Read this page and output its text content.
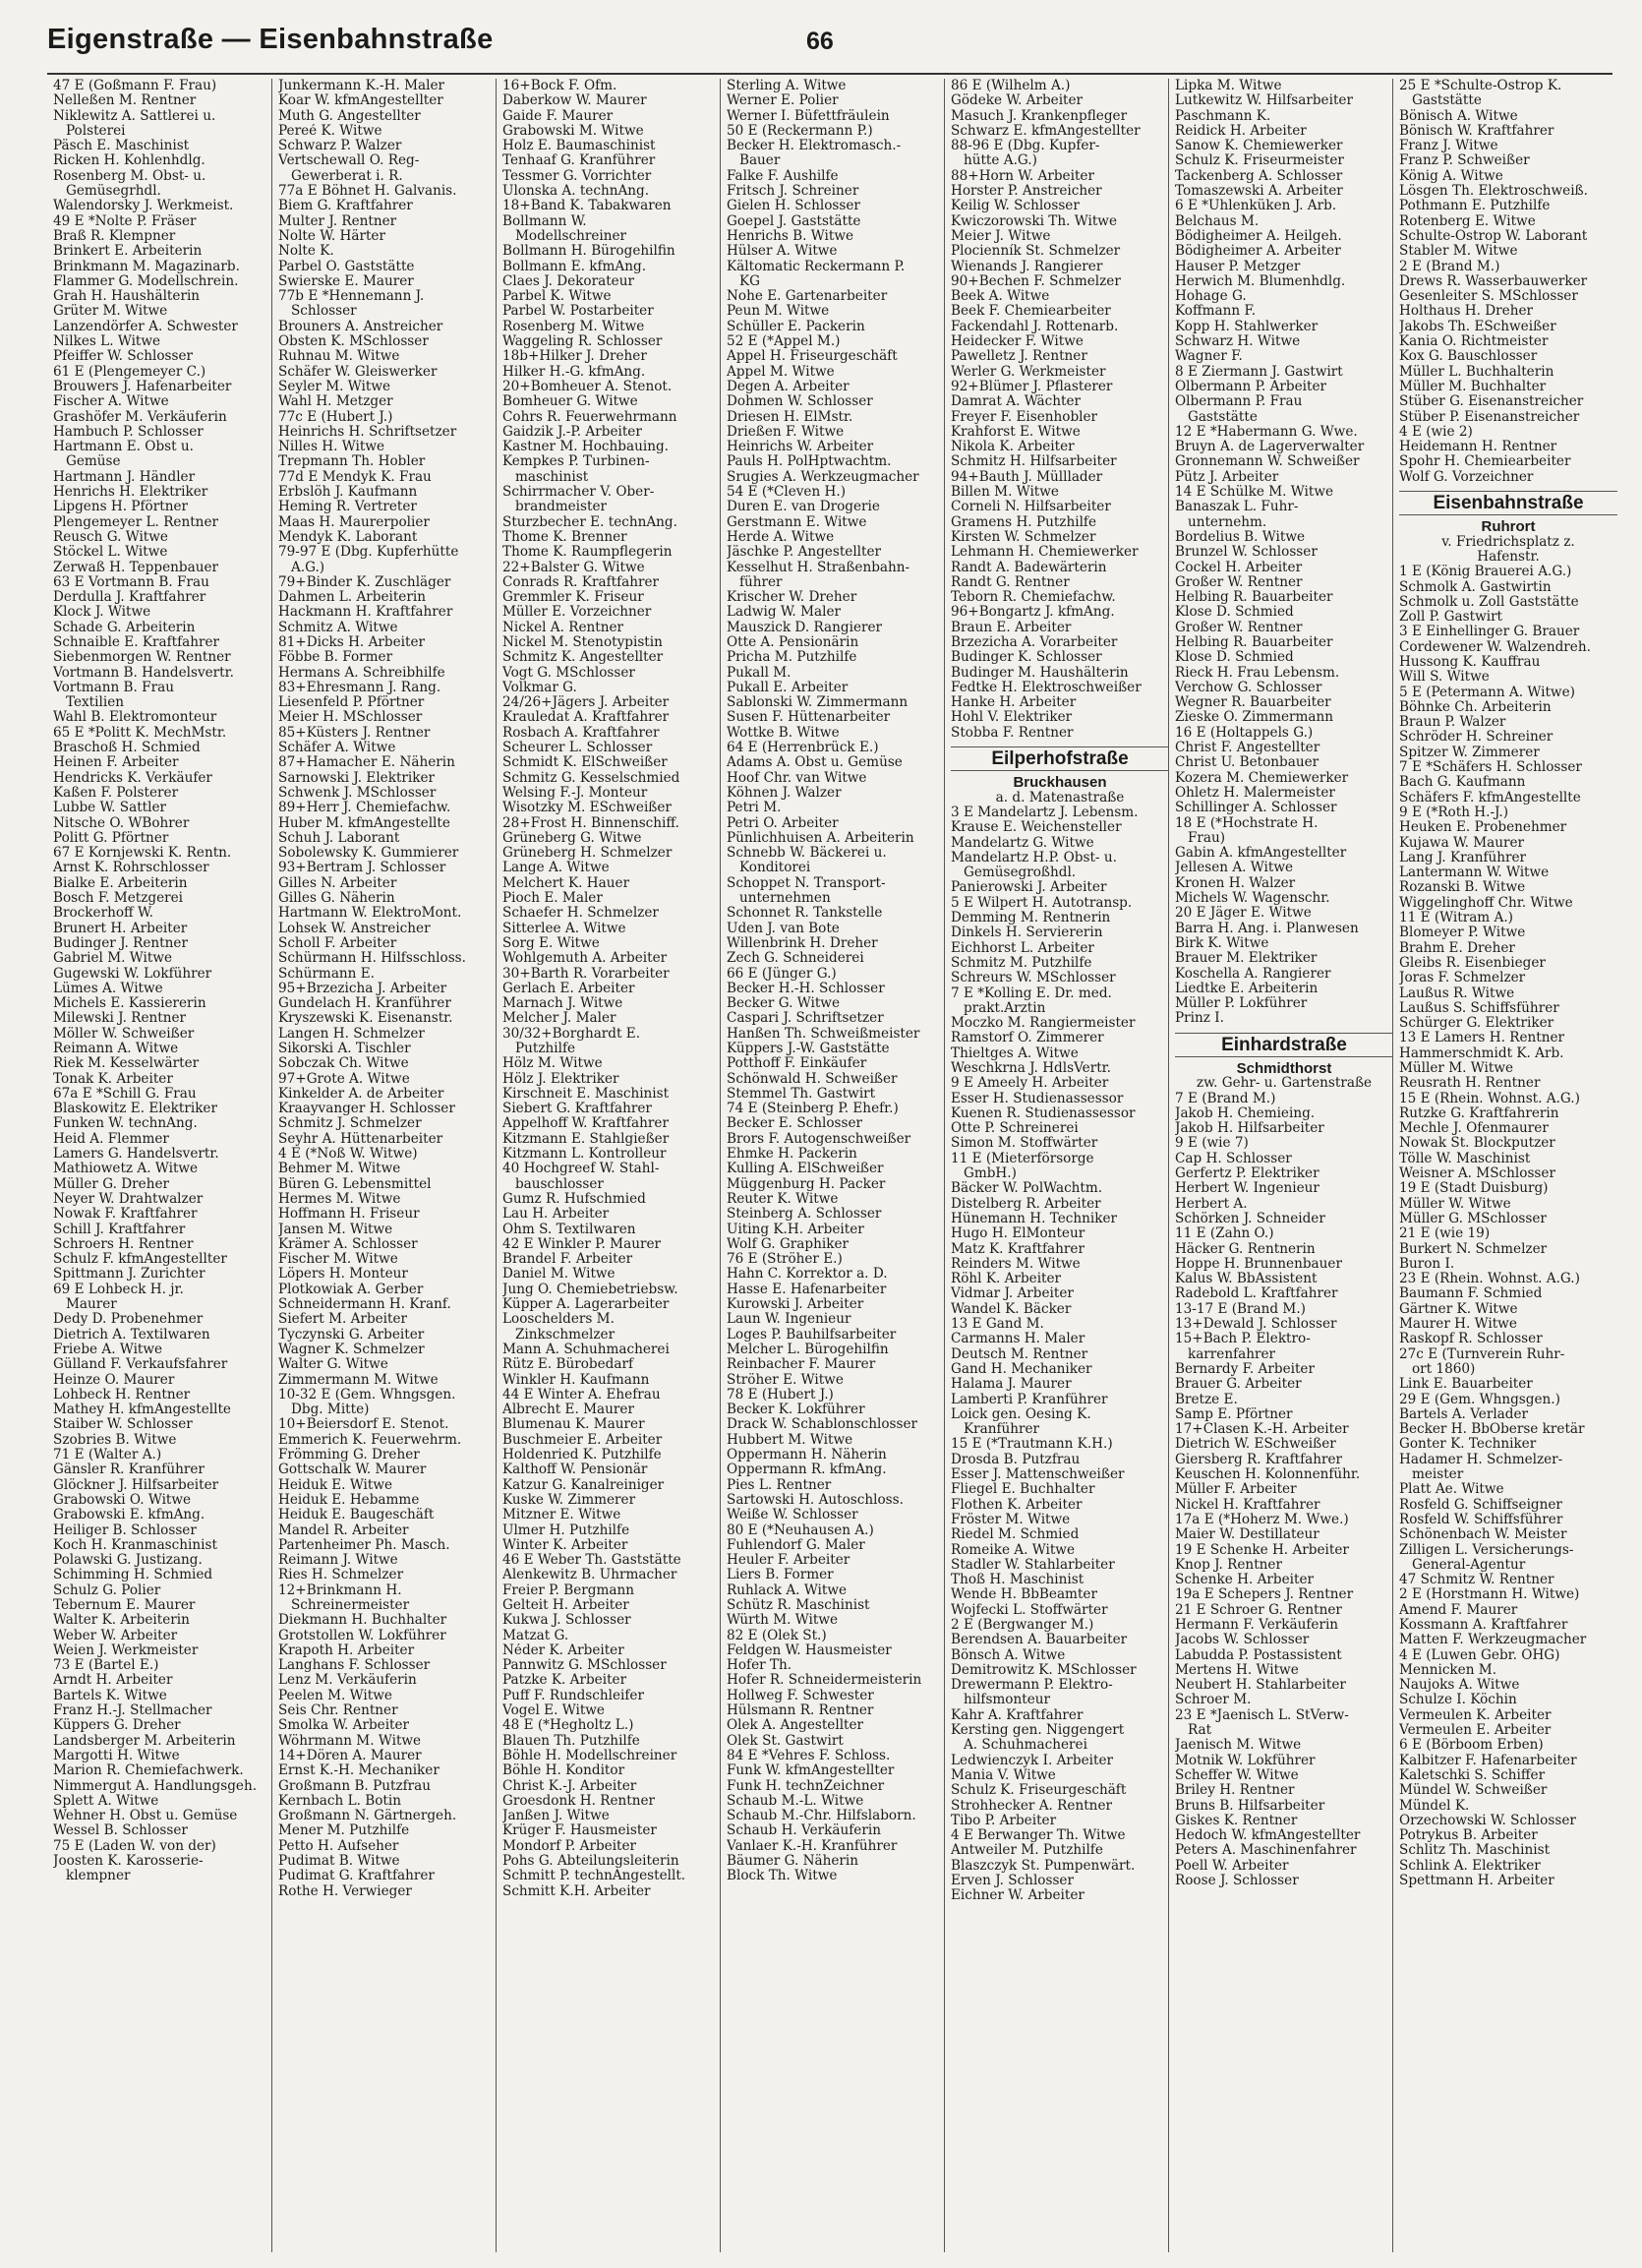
Eigenstraße — Eisenbahnstraße	66
47 E (Goßmann F. Frau)
Nelleßen M. Rentner
Niklewitz A. Sattlerei u.
Polsterei
Päsch E. Maschinist
Ricken H. Kohlenhdlg.
Rosenberg M. Obst- u.
Gemüsegrhdl.
Walendorsky J. Werkmeist.
49 E *Nolte P. Fräser
Braß R. Klempner
Brinkert E. Arbeiterin
Brinkmann M. Magazinarb.
Flammer G. Modellschrein.
Grah H. Haushälterin
Grüter M. Witwe
Lanzendörfer A. Schwester
Nilkes L. Witwe
Pfeiffer W. Schlosser
61 E (Plengemeyer C.)
Brouwers J. Hafenarbeiter
Fischer A. Witwe
Grashöfer M. Verkäuferin
Hambuch P. Schlosser
Hartmann E. Obst u.
Gemüse
Hartmann J. Händler
Henrichs H. Elektriker
Lipgens H. Pförtner
Plengemeyer L. Rentner
Reusch G. Witwe
Stöckel L. Witwe
Zerwaß H. Teppenbauer
63 E Vortmann B. Frau
Derdulla J. Kraftfahrer
Klock J. Witwe
Schade G. Arbeiterin
Schnaible E. Kraftfahrer
Siebenmorgen W. Rentner
Vortmann B. Handelsvertr.
Vortmann B. Frau
Textilien
Wahl B. Elektromonteur
65 E *Politt K. MechMstr.
Braschoß H. Schmied
Heinen F. Arbeiter
Hendricks K. Verkäufer
Kaßen F. Polsterer
Lubbe W. Sattler
Nitsche O. WBohrer
Politt G. Pförtner
67 E Kornjewski K. Rentn.
Arnst K. Rohrschlosser
Bialke E. Arbeiterin
Bosch F. Metzgerei
Brockerhoff W.
Brunert H. Arbeiter
Budinger J. Rentner
Gabriel M. Witwe
Gugewski W. Lokführer
Lümes A. Witwe
Michels E. Kassiererin
Milewski J. Rentner
Möller W. Schweißer
Reimann A. Witwe
Riek M. Kesselwärter
Tonak K. Arbeiter
67a E *Schill G. Frau
Blaskowitz E. Elektriker
Funken W. technAng.
Heid A. Flemmer
Lamers G. Handelsvertr.
Mathiowetz A. Witwe
Müller G. Dreher
Neyer W. Drahtwalzer
Nowak F. Kraftfahrer
Schill J. Kraftfahrer
Schroers H. Rentner
Schulz F. kfmAngestellter
Spittmann J. Zurichter
69 E Lohbeck H. jr.
Maurer
Dedy D. Probenehmer
Dietrich A. Textilwaren
Friebe A. Witwe
Gülland F. Verkaufsfahrer
Heinze O. Maurer
Lohbeck H. Rentner
Mathey H. kfmAngestellte
Staiber W. Schlosser
Szobries B. Witwe
71 E (Walter A.)
Gänsler R. Kranführer
Glöckner J. Hilfsarbeiter
Grabowski O. Witwe
Grabowski E. kfmAng.
Heiliger B. Schlosser
Koch H. Kranmaschinist
Polawski G. Justizang.
Schimming H. Schmied
Schulz G. Polier
Tebernum E. Maurer
Walter K. Arbeiterin
Weber W. Arbeiter
Weien J. Werkmeister
73 E (Bartel E.)
Arndt H. Arbeiter
Bartels K. Witwe
Franz H.-J. Stellmacher
Küppers G. Dreher
Landsberger M. Arbeiterin
Margotti H. Witwe
Marion R. Chemiefachwerk.
Nimmergut A. Handlungsgeh.
Splett A. Witwe
Wehner H. Obst u. Gemüse
Wessel B. Schlosser
75 E (Laden W. von der)
Joosten K. Karosserie-
klempner
Junkermann K.-H. Maler
Koar W. kfmAngestellter
Muth G. Angestellter
Pereé K. Witwe
Schwarz P. Walzer
Vertschewall O. Reg-
Gewerberat i. R.
77a E Böhnet H. Galvanis.
Biem G. Kraftfahrer
Multer J. Rentner
Nolte W. Härter
Nolte K.
Parbel O. Gaststätte
Swierske E. Maurer
77b E *Hennemann J.
Schlosser
Brouners A. Anstreicher
Obsten K. MSchlosser
Ruhnau M. Witwe
Schäfer W. Gleiswerker
Seyler M. Witwe
Wahl H. Metzger
77c E (Hubert J.)
Heinrichs H. Schriftsetzer
Nilles H. Witwe
Trepmann Th. Hobler
77d E Mendyk K. Frau
Erbslöh J. Kaufmann
Heming R. Vertreter
Maas H. Maurerpolier
Mendyk K. Laborant
79-97 E (Dbg. Kupferhütte
A.G.)
79+Binder K. Zuschläger
Dahmen L. Arbeiterin
Hackmann H. Kraftfahrer
Schmitz A. Witwe
81+Dicks H. Arbeiter
Föbbe B. Former
Hermans A. Schreibhilfe
83+Ehresmann J. Rang.
Liesenfeld P. Pförtner
Meier H. MSchlosser
85+Küsters J. Rentner
Schäfer A. Witwe
87+Hamacher E. Näherin
Sarnowski J. Elektriker
Schwenk J. MSchlosser
89+Herr J. Chemiefachw.
Huber M. kfmAngestellte
Schuh J. Laborant
Sobolewsky K. Gummierer
93+Bertram J. Schlosser
Gilles N. Arbeiter
Gilles G. Näherin
Hartmann W. ElektroMont.
Lohsek W. Anstreicher
Scholl F. Arbeiter
Schürmann H. Hilfsschloss.
Schürmann E.
95+Brzezicha J. Arbeiter
Gundelach H. Kranführer
Kryszewski K. Eisenanstr.
Langen H. Schmelzer
Sikorski A. Tischler
Sobczak Ch. Witwe
97+Grote A. Witwe
Kinkelder A. de Arbeiter
Kraayvanger H. Schlosser
Schmitz J. Schmelzer
Seyhr A. Hüttenarbeiter
4 E (*Noß W. Witwe)
Behmer M. Witwe
Büren G. Lebensmittel
Hermes M. Witwe
Hoffmann H. Friseur
Jansen M. Witwe
Krämer A. Schlosser
Fischer M. Witwe
Löpers H. Monteur
Plotkowiak A. Gerber
Schneidermann H. Kranf.
Siefert M. Arbeiter
Tyczynski G. Arbeiter
Wagner K. Schmelzer
Walter G. Witwe
Zimmermann M. Witwe
10-32 E (Gem. Whngsgen.
Dbg. Mitte)
10+Beiersdorf E. Stenot.
Emmerich K. Feuerwehrm.
Frömming G. Dreher
Gottschalk W. Maurer
Heiduk E. Witwe
Heiduk E. Hebamme
Heiduk E. Baugeschäft
Mandel R. Arbeiter
Partenheimer Ph. Masch.
Reimann J. Witwe
Ries H. Schmelzer
12+Brinkmann H.
Schreinermeister
Diekmann H. Buchhalter
Grotstollen W. Lokführer
Krapoth H. Arbeiter
Langhans F. Schlosser
Lenz M. Verkäuferin
Peelen M. Witwe
Seis Chr. Rentner
Smolka W. Arbeiter
Wöhrmann M. Witwe
14+Dören A. Maurer
Ernst K.-H. Mechaniker
Großmann B. Putzfrau
Kernbach L. Botin
Großmann N. Gärtnergeh.
Mener M. Putzhilfe
Petto H. Aufseher
Pudimat B. Witwe
Pudimat G. Kraftfahrer
Rothe H. Verwieger
16+Bock F. Ofm.
Daberkow W. Maurer
Gaide F. Maurer
Grabowski M. Witwe
Holz E. Baumaschinist
Tenhaaf G. Kranführer
Tessmer G. Vorrichter
Ulonska A. technAng.
18+Band K. Tabakwaren
Bollmann W.
Modellschreiner
Bollmann H. Bürogehilfin
Bollmann E. kfmAng.
Claes J. Dekorateur
Parbel K. Witwe
Parbel W. Postarbeiter
Rosenberg M. Witwe
Waggeling R. Schlosser
18b+Hilker J. Dreher
Hilker H.-G. kfmAng.
20+Bomheuer A. Stenot.
Bomheuer G. Witwe
Cohrs R. Feuerwehrmann
Gaidzik J.-P. Arbeiter
Kastner M. Hochbauing.
Kempkes P. Turbinen-
maschinist
Schirrmacher V. Ober-
brandmeister
Sturzbecher E. technAng.
Thome K. Brenner
Thome K. Raumpflegerin
22+Balster G. Witwe
Conrads R. Kraftfahrer
Gremmler K. Friseur
Müller E. Vorzeichner
Nickel A. Rentner
Nickel M. Stenotypistin
Schmitz K. Angestellter
Vogt G. MSchlosser
Volkmar G.
24/26+Jägers J. Arbeiter
Krauledat A. Kraftfahrer
Rosbach A. Kraftfahrer
Scheurer L. Schlosser
Schmidt K. ElSchweißer
Schmitz G. Kesselschmied
Welsing F.-J. Monteur
Wisotzky M. ESchweißer
28+Frost H. Binnenschiff.
Grüneberg G. Witwe
Grüneberg H. Schmelzer
Lange A. Witwe
Melchert K. Hauer
Pioch E. Maler
Schaefer H. Schmelzer
Sitterlee A. Witwe
Sorg E. Witwe
Wohlgemuth A. Arbeiter
30+Barth R. Vorarbeiter
Gerlach E. Arbeiter
Marnach J. Witwe
Melcher J. Maler
30/32+Borghardt E.
Putzhilfe
Hölz M. Witwe
Hölz J. Elektriker
Kirschneit E. Maschinist
Siebert G. Kraftfahrer
Appelhoff W. Kraftfahrer
Kitzmann E. Stahlgießer
Kitzmann L. Kontrolleur
40 Hochgreef W. Stahl-
bauschlosser
Gumz R. Hufschmied
Lau H. Arbeiter
Ohm S. Textilwaren
42 E Winkler P. Maurer
Brandel F. Arbeiter
Daniel M. Witwe
Jung O. Chemiebetriebsw.
Küpper A. Lagerarbeiter
Looschelders M.
Zinkschmelzer
Mann A. Schuhmacherei
Rütz E. Bürobedarf
Winkler H. Kaufmann
44 E Winter A. Ehefrau
Albrecht E. Maurer
Blumenau K. Maurer
Buschmeier E. Arbeiter
Holdenried K. Putzhilfe
Kalthoff W. Pensionär
Katzur G. Kanalreiniger
Kuske W. Zimmerer
Mitzner E. Witwe
Ulmer H. Putzhilfe
Winter K. Arbeiter
46 E Weber Th. Gaststätte
Alenkewitz B. Uhrmacher
Freier P. Bergmann
Gelteit H. Arbeiter
Kukwa J. Schlosser
Matzat G.
Néder K. Arbeiter
Pannwitz G. MSchlosser
Patzke K. Arbeiter
Puff F. Rundschleifer
Vogel E. Witwe
48 E (*Hegholtz L.)
Blauen Th. Putzhilfe
Böhle H. Modellschreiner
Böhle H. Konditor
Christ K.-J. Arbeiter
Groesdonk H. Rentner
Janßen J. Witwe
Krüger F. Hausmeister
Mondorf P. Arbeiter
Pohs G. Abteilungsleiterin
Schmitt P. technAngestellt.
Schmitt K.H. Arbeiter
Sterling A. Witwe
Werner E. Polier
Werner I. Büfettfräulein
50 E (Reckermann P.)
Becker H. Elektromasch.-
Bauer
Falke F. Aushilfe
Fritsch J. Schreiner
Gielen H. Schlosser
Goepel J. Gaststätte
Henrichs B. Witwe
Hülser A. Witwe
Kältomatic Reckermann P.
KG
Nohe E. Gartenarbeiter
Peun M. Witwe
Schüller E. Packerin
52 E (*Appel M.)
Appel H. Friseurgeschäft
Appel M. Witwe
Degen A. Arbeiter
Dohmen W. Schlosser
Driesen H. ElMstr.
Drießen F. Witwe
Heinrichs W. Arbeiter
Pauls H. PolHptwachtm.
Srugies A. Werkzeugmacher
54 E (*Cleven H.)
Duren E. van Drogerie
Gerstmann E. Witwe
Herde A. Witwe
Jäschke P. Angestellter
Kesselhut H. Straßenbahn-
führer
Krischer W. Dreher
Ladwig W. Maler
Mauszick D. Rangierer
Otte A. Pensionärin
Pricha M. Putzhilfe
Pukall M.
Pukall E. Arbeiter
Sablonski W. Zimmermann
Susen F. Hüttenarbeiter
Wottke B. Witwe
64 E (Herrenbrück E.)
Adams A. Obst u. Gemüse
Hoof Chr. van Witwe
Köhnen J. Walzer
Petri M.
Petri O. Arbeiter
Pünlichhuisen A. Arbeiterin
Schnebb W. Bäckerei u.
Konditorei
Schoppet N. Transport-
unternehmen
Schonnet R. Tankstelle
Uden J. van Bote
Willenbrink H. Dreher
Zech G. Schneiderei
66 E (Jünger G.)
Becker H.-H. Schlosser
Becker G. Witwe
Caspari J. Schriftsetzer
Hanßen Th. Schweißmeister
Küppers J.-W. Gaststätte
Potthoff F. Einkäufer
Schönwald H. Schweißer
Stemmel Th. Gastwirt
74 E (Steinberg P. Ehefr.)
Becker E. Schlosser
Brors F. Autogenschweißer
Ehmke H. Packerin
Kulling A. ElSchweißer
Müggenburg H. Packer
Reuter K. Witwe
Steinberg A. Schlosser
Uiting K.H. Arbeiter
Wolf G. Graphiker
76 E (Ströher E.)
Hahn C. Korrektor a. D.
Hasse E. Hafenarbeiter
Kurowski J. Arbeiter
Laun W. Ingenieur
Loges P. Bauhilfsarbeiter
Melcher L. Bürogehilfin
Reinbacher F. Maurer
Ströher E. Witwe
78 E (Hubert J.)
Becker K. Lokführer
Drack W. Schablonschlosser
Hubbert M. Witwe
Oppermann H. Näherin
Oppermann R. kfmAng.
Pies L. Rentner
Sartowski H. Autoschloss.
Weiße W. Schlosser
80 E (*Neuhausen A.)
Fuhlendorf G. Maler
Heuler F. Arbeiter
Liers B. Former
Ruhlack A. Witwe
Schütz R. Maschinist
Würth M. Witwe
82 E (Olek St.)
Feldgen W. Hausmeister
Hofer Th.
Hofer R. Schneidermeisterin
Hollweg F. Schwester
Hülsmann R. Rentner
Olek A. Angestellter
Olek St. Gastwirt
84 E *Vehres F. Schloss.
Funk W. kfmAngestellter
Funk H. technZeichner
Schaub M.-L. Witwe
Schaub M.-Chr. Hilfslaborn.
Schaub H. Verkäuferin
Vanlaer K.-H. Kranführer
Bäumer G. Näherin
Block Th. Witwe
86 E (Wilhelm A.)
Gödeke W. Arbeiter
Masuch J. Krankenpfleger
Schwarz E. kfmAngestellter
88-96 E (Dbg. Kupfer-
hütte A.G.)
88+Horn W. Arbeiter
Horster P. Anstreicher
Keilig W. Schlosser
Kwiczorowski Th. Witwe
Meier J. Witwe
Plocienník St. Schmelzer
Wienands J. Rangierer
90+Bechen F. Schmelzer
Beek A. Witwe
Beek F. Chemiearbeiter
Fackendahl J. Rottenarb.
Heidecker F. Witwe
Pawelletz J. Rentner
Werler G. Werkmeister
92+Blümer J. Pflasterer
Damrat A. Wächter
Freyer F. Eisenhobler
Krahforst E. Witwe
Nikola K. Arbeiter
Schmitz H. Hilfsarbeiter
94+Bauth J. Mülllader
Billen M. Witwe
Corneli N. Hilfsarbeiter
Gramens H. Putzhilfe
Kirsten W. Schmelzer
Lehmann H. Chemiewerker
Randt A. Badewärterin
Randt G. Rentner
Teborn R. Chemiefachw.
96+Bongartz J. kfmAng.
Braun E. Arbeiter
Brzezicha A. Vorarbeiter
Budinger K. Schlosser
Budinger M. Haushälterin
Fedtke H. Elektroschweißer
Hanke H. Arbeiter
Hohl V. Elektriker
Stobba F. Rentner
Eilperhofstraße
Bruckhausen
a. d. Matenastraße
3 E Mandelartz J. Lebensm.
Krause E. Weichensteller
Mandelartz G. Witwe
Mandelartz H.P. Obst- u.
Gemüsegroßhdl.
Panierowski J. Arbeiter
5 E Wilpert H. Autotransp.
Demming M. Rentnerin
Dinkels H. Serviererin
Eichhorst L. Arbeiter
Schmitz M. Putzhilfe
Schreurs W. MSchlosser
7 E *Kolling E. Dr. med.
prakt.Ärztin
Moczko M. Rangiermeister
Ramstorf O. Zimmerer
Thieltges A. Witwe
Weschkrna J. HdlsVertr.
9 E Ameely H. Arbeiter
Esser H. Studienassessor
Kuenen R. Studienassessor
Otte P. Schreinerei
Simon M. Stoffwärter
11 E (Mieterförsorge
GmbH.)
Bäcker W. PolWachtm.
Distelberg R. Arbeiter
Hünemann H. Techniker
Hugo H. ElMonteur
Matz K. Kraftfahrer
Reinders M. Witwe
Röhl K. Arbeiter
Vidmar J. Arbeiter
Wandel K. Bäcker
13 E Gand M.
Carmanns H. Maler
Deutsch M. Rentner
Gand H. Mechaniker
Halama J. Maurer
Lamberti P. Kranführer
Loick gen. Oesing K.
Kranführer
15 E (*Trautmann K.H.)
Drosda B. Putzfrau
Esser J. Mattenschweißer
Fliegel E. Buchhalter
Flothen K. Arbeiter
Fröster M. Witwe
Riedel M. Schmied
Romeike A. Witwe
Stadler W. Stahlarbeiter
Thoß H. Maschinist
Wende H. BbBeamter
Wojfecki L. Stoffwärter
2 E (Bergwanger M.)
Berendsen A. Bauarbeiter
Bönsch A. Witwe
Demitrowitz K. MSchlosser
Drewermann P. Elektro-
hilfsmonteur
Kahr A. Kraftfahrer
Kersting gen. Niggengert
A. Schuhmacherei
Ledwienczyk I. Arbeiter
Mania V. Witwe
Schulz K. Friseurgeschäft
Strohhecker A. Rentner
Tibo P. Arbeiter
4 E Berwanger Th. Witwe
Antweiler M. Putzhilfe
Blaszczyk St. Pumpenwärt.
Erven J. Schlosser
Eichner W. Arbeiter
Lipka M. Witwe
Lutkewitz W. Hilfsarbeiter
Paschmann K.
Reidick H. Arbeiter
Sanow K. Chemiewerker
Schulz K. Friseurmeister
Tackenberg A. Schlosser
Tomaszewski A. Arbeiter
6 E *Uhlenküken J. Arb.
Belchaus M.
Bödigheimer A. Heilgeh.
Bödigheimer A. Arbeiter
Hauser P. Metzger
Herwich M. Blumenhdlg.
Hohage G.
Koffmann F.
Kopp H. Stahlwerker
Schwarz H. Witwe
Wagner F.
8 E Ziermann J. Gastwirt
Olbermann P. Arbeiter
Olbermann P. Frau
Gaststätte
12 E *Habermann G. Wwe.
Bruyn A. de Lagerverwalter
Gronnemann W. Schweißer
Pütz J. Arbeiter
14 E Schülke M. Witwe
Banaszak L. Fuhr-
unternehm.
Bordelius B. Witwe
Brunzel W. Schlosser
Cockel H. Arbeiter
Großer W. Rentner
Helbing R. Bauarbeiter
Klose D. Schmied
Großer W. Rentner
Helbing R. Bauarbeiter
Klose D. Schmied
Rieck H. Frau Lebensm.
Verchow G. Schlosser
Wegner R. Bauarbeiter
Zieske O. Zimmermann
16 E (Holtappels G.)
Christ F. Angestellter
Christ U. Betonbauer
Kozera M. Chemiewerker
Ohletz H. Malermeister
Schillinger A. Schlosser
18 E (*Hochstrate H.
Frau)
Gabin A. kfmAngestellter
Jellesen A. Witwe
Kronen H. Walzer
Michels W. Wagenschr.
20 E Jäger E. Witwe
Barra H. Ang. i. Planwesen
Birk K. Witwe
Brauer M. Elektriker
Koschella A. Rangierer
Liedtke E. Arbeiterin
Müller P. Lokführer
Prinz I.
Einhardstraße
Schmidthorst
zw. Gehr- u. Gartenstraße
7 E (Brand M.)
Jakob H. Chemieing.
Jakob H. Hilfsarbeiter
9 E (wie 7)
Cap H. Schlosser
Gerfertz P. Elektriker
Herbert W. Ingenieur
Herbert A.
Schörken J. Schneider
11 E (Zahn O.)
Häcker G. Rentnerin
Hoppe H. Brunnenbauer
Kalus W. BbAssistent
Radebold L. Kraftfahrer
13-17 E (Brand M.)
13+Dewald J. Schlosser
15+Bach P. Elektro-
karrenfahrer
Bernardy F. Arbeiter
Brauer G. Arbeiter
Bretze E.
Samp E. Pförtner
17+Clasen K.-H. Arbeiter
Dietrich W. ESchweißer
Giersberg R. Kraftfahrer
Keuschen H. Kolonnenführ.
Müller F. Arbeiter
Nickel H. Kraftfahrer
17a E (*Hoherz M. Wwe.)
Maier W. Destillateur
19 E Schenke H. Arbeiter
Knop J. Rentner
Schenke H. Arbeiter
19a E Schepers J. Rentner
21 E Schroer G. Rentner
Hermann F. Verkäuferin
Jacobs W. Schlosser
Labudda P. Postassistent
Mertens H. Witwe
Neubert H. Stahlarbeiter
Schroer M.
23 E *Jaenisch L. StVerw-
Rat
Jaenisch M. Witwe
Motnik W. Lokführer
Scheffer W. Witwe
Briley H. Rentner
Bruns B. Hilfsarbeiter
Giskes K. Rentner
Hedoch W. kfmAngestellter
Peters A. Maschinenfahrer
Poell W. Arbeiter
Roose J. Schlosser
25 E *Schulte-Ostrop K.
Gaststätte
Bönisch A. Witwe
Bönisch W. Kraftfahrer
Franz J. Witwe
Franz P. Schweißer
König A. Witwe
Lösgen Th. Elektroschweiß.
Pothmann E. Putzhilfe
Rotenberg E. Witwe
Schulte-Ostrop W. Laborant
Stabler M. Witwe
2 E (Brand M.)
Drews R. Wasserbauwerker
Gesenleiter S. MSchlosser
Holthaus H. Dreher
Jakobs Th. ESchweißer
Kania O. Richtmeister
Kox G. Bauschlosser
Müller L. Buchhalterin
Müller M. Buchhalter
Stüber G. Eisenanstreicher
Stüber P. Eisenanstreicher
4 E (wie 2)
Heidemann H. Rentner
Spohr H. Chemiearbeiter
Wolf G. Vorzeichner
Eisenbahnstraße
Ruhrort
v. Friedrichsplatz z.
Hafenstr.
1 E (König Brauerei A.G.)
Schmolk A. Gastwirtin
Schmolk u. Zoll Gaststätte
Zoll P. Gastwirt
3 E Einhellinger G. Brauer
Cordewener W. Walzendreh.
Hussong K. Kauffrau
Will S. Witwe
5 E (Petermann A. Witwe)
Böhnke Ch. Arbeiterin
Braun P. Walzer
Schröder H. Schreiner
Spitzer W. Zimmerer
7 E *Schäfers H. Schlosser
Bach G. Kaufmann
Schäfers F. kfmAngestellte
9 E (*Roth H.-J.)
Heuken E. Probenehmer
Kujawa W. Maurer
Lang J. Kranführer
Lantermann W. Witwe
Rozanski B. Witwe
Wiggelinghoff Chr. Witwe
11 E (Witram A.)
Blomeyer P. Witwe
Brahm E. Dreher
Gleibs R. Eisenbieger
Joras F. Schmelzer
Laußus R. Witwe
Laußus S. Schiffsführer
Schürger G. Elektriker
13 E Lamers H. Rentner
Hammerschmidt K. Arb.
Müller M. Witwe
Reusrath H. Rentner
15 E (Rhein. Wohnst. A.G.)
Rutzke G. Kraftfahrerin
Mechle J. Ofenmaurer
Nowak St. Blockputzer
Tölle W. Maschinist
Weisner A. MSchlosser
19 E (Stadt Duisburg)
Müller W. Witwe
Müller G. MSchlosser
21 E (wie 19)
Burkert N. Schmelzer
Buron I.
23 E (Rhein. Wohnst. A.G.)
Baumann F. Schmied
Gärtner K. Witwe
Maurer H. Witwe
Raskopf R. Schlosser
27c E (Turnverein Ruhr-
ort 1860)
Link E. Bauarbeiter
29 E (Gem. Whngsgen.)
Bartels A. Verlader
Becker H. BbOberse kretär
Gonter K. Techniker
Hadamer H. Schmelzer-
meister
Platt Ae. Witwe
Rosfeld G. Schiffseigner
Rosfeld W. Schiffsführer
Schönenbach W. Meister
Zilligen L. Versicherungs-
General-Agentur
47 Schmitz W. Rentner
2 E (Horstmann H. Witwe)
Amend F. Maurer
Kossmann A. Kraftfahrer
Matten F. Werkzeugmacher
4 E (Luwen Gebr. OHG)
Mennicken M.
Naujoks A. Witwe
Schulze I. Köchin
Vermeulen K. Arbeiter
Vermeulen E. Arbeiter
6 E (Börboom Erben)
Kalbitzer F. Hafenarbeiter
Kaletschki S. Schiffer
Mündel W. Schweißer
Mündel K.
Orzechowski W. Schlosser
Potrykus B. Arbeiter
Schlitz Th. Maschinist
Schlink A. Elektriker
Spettmann H. Arbeiter
